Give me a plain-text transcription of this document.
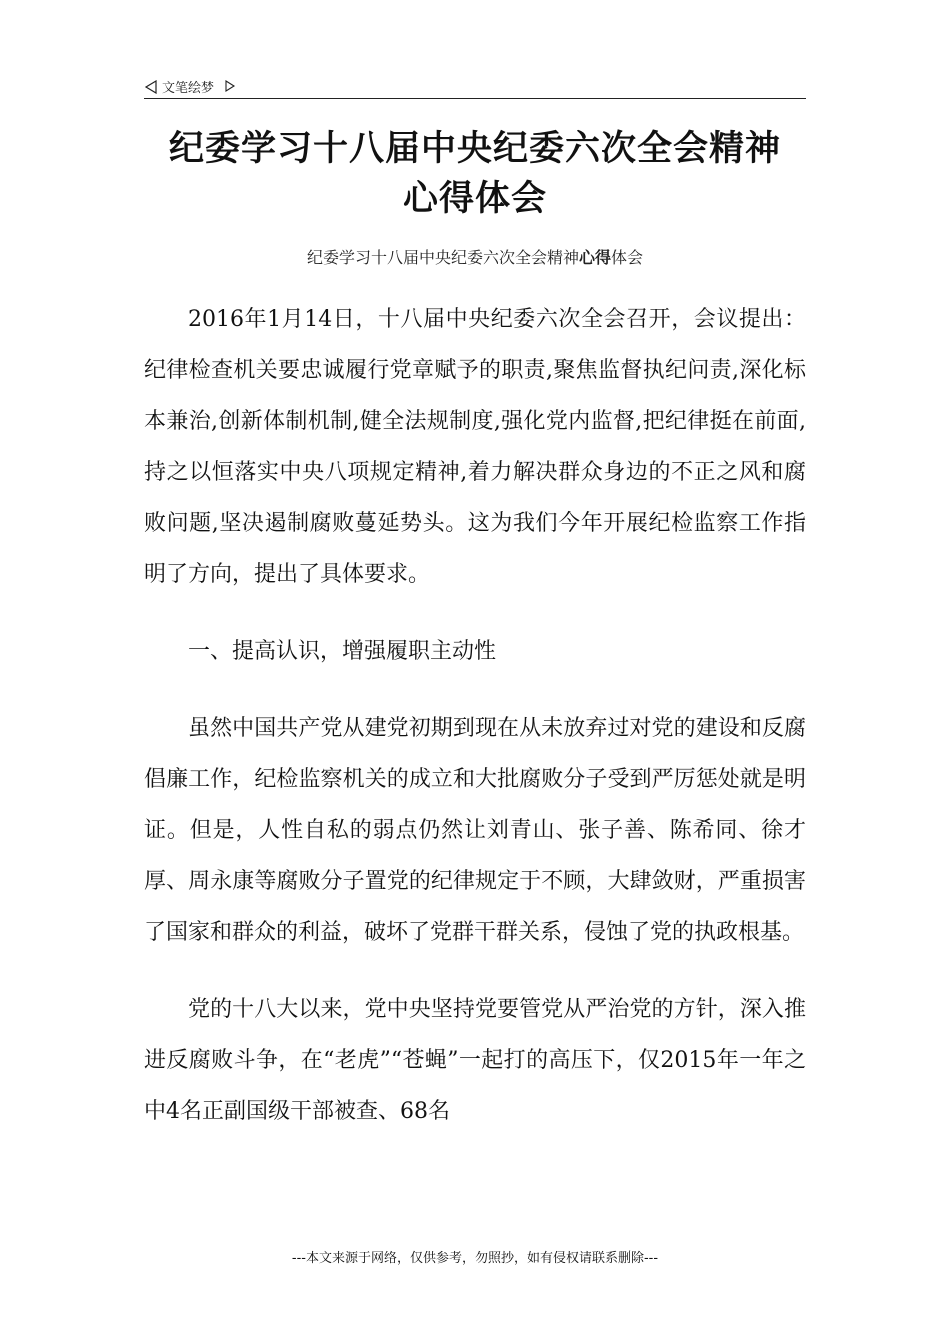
文笔绘梦
纪委学习十八届中央纪委六次全会精神
心得体会
纪委学习十八届中央纪委六次全会精神心得体会

2016年1月14日，十八届中央纪委六次全会召开，会议提出：纪律检查机关要忠诚履行党章赋予的职责,聚焦监督执纪问责,深化标本兼治,创新体制机制,健全法规制度,强化党内监督,把纪律挺在前面,持之以恒落实中央八项规定精神,着力解决群众身边的不正之风和腐败问题,坚决遏制腐败蔓延势头。这为我们今年开展纪检监察工作指明了方向，提出了具体要求。

一、提高认识，增强履职主动性

虽然中国共产党从建党初期到现在从未放弃过对党的建设和反腐倡廉工作，纪检监察机关的成立和大批腐败分子受到严厉惩处就是明证。但是，人性自私的弱点仍然让刘青山、张子善、陈希同、徐才厚、周永康等腐败分子置党的纪律规定于不顾，大肆敛财，严重损害了国家和群众的利益，破坏了党群干群关系，侵蚀了党的执政根基。

党的十八大以来，党中央坚持党要管党从严治党的方针，深入推进反腐败斗争，在“老虎”“苍蝇”一起打的高压下，仅2015年一年之中4名正副国级干部被查、68名

---本文来源于网络，仅供参考，勿照抄，如有侵权请联系删除---
